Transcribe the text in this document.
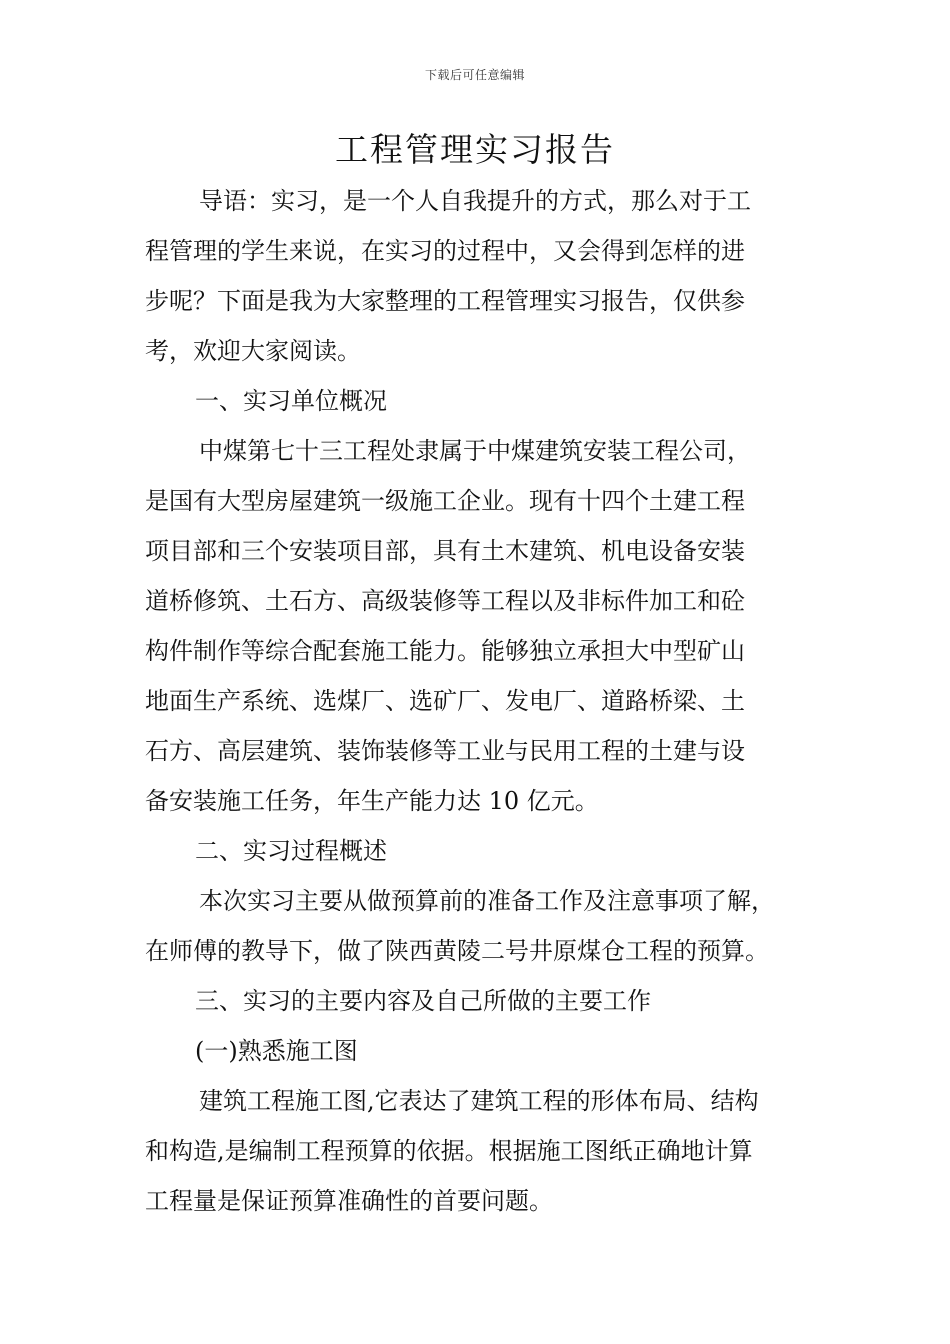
下载后可任意编辑
工程管理实习报告
导语：实习，是一个人自我提升的方式，那么对于工
程管理的学生来说，在实习的过程中，又会得到怎样的进
步呢？下面是我为大家整理的工程管理实习报告，仅供参
考，欢迎大家阅读。
一、实习单位概况
中煤第七十三工程处隶属于中煤建筑安装工程公司，
是国有大型房屋建筑一级施工企业。现有十四个土建工程
项目部和三个安装项目部，具有土木建筑、机电设备安装
道桥修筑、土石方、高级装修等工程以及非标件加工和砼
构件制作等综合配套施工能力。能够独立承担大中型矿山
地面生产系统、选煤厂、选矿厂、发电厂、道路桥梁、土
石方、高层建筑、装饰装修等工业与民用工程的土建与设
备安装施工任务，年生产能力达 10 亿元。
二、实习过程概述
本次实习主要从做预算前的准备工作及注意事项了解，
在师傅的教导下，做了陕西黄陵二号井原煤仓工程的预算。
三、实习的主要内容及自己所做的主要工作
(一)熟悉施工图
建筑工程施工图,它表达了建筑工程的形体布局、结构
和构造,是编制工程预算的依据。根据施工图纸正确地计算
工程量是保证预算准确性的首要问题。
